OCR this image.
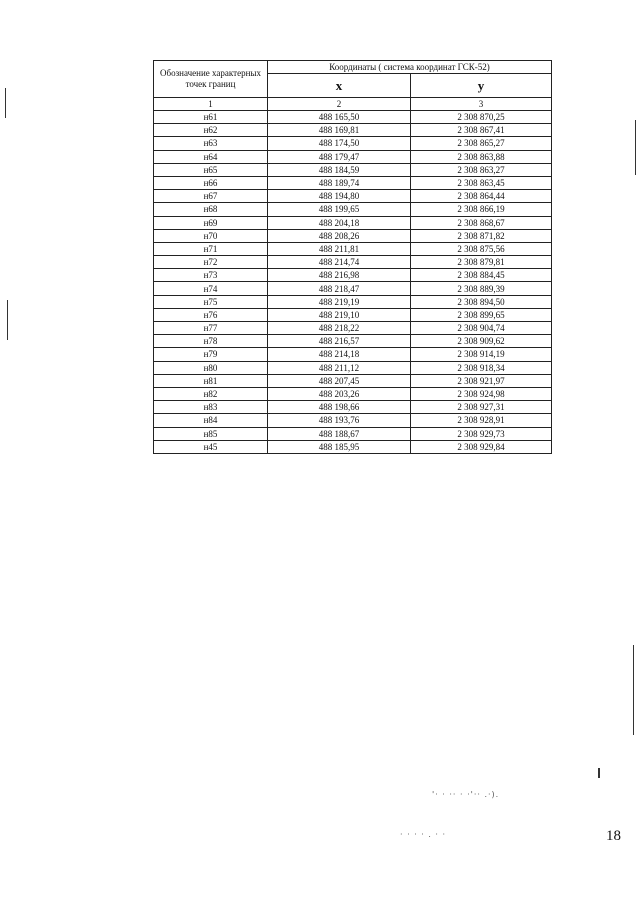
Обозначение характерных точек границ	Координаты ( система координат ГСК-52)	
	x	y
1	2	3
н61	488 165,50	2 308 870,25
н62	488 169,81	2 308 867,41
н63	488 174,50	2 308 865,27
н64	488 179,47	2 308 863,88
н65	488 184,59	2 308 863,27
н66	488 189,74	2 308 863,45
н67	488 194,80	2 308 864,44
н68	488 199,65	2 308 866,19
н69	488 204,18	2 308 868,67
н70	488 208,26	2 308 871,82
н71	488 211,81	2 308 875,56
н72	488 214,74	2 308 879,81
н73	488 216,98	2 308 884,45
н74	488 218,47	2 308 889,39
н75	488 219,19	2 308 894,50
н76	488 219,10	2 308 899,65
н77	488 218,22	2 308 904,74
н78	488 216,57	2 308 909,62
н79	488 214,18	2 308 914,19
н80	488 211,12	2 308 918,34
н81	488 207,45	2 308 921,97
н82	488 203,26	2 308 924,98
н83	488 198,66	2 308 927,31
н84	488 193,76	2 308 928,91
н85	488 188,67	2 308 929,73
н45	488 185,95	2 308 929,84
18
'· · ·· · ·'·· .·).
· · · · . · ·
